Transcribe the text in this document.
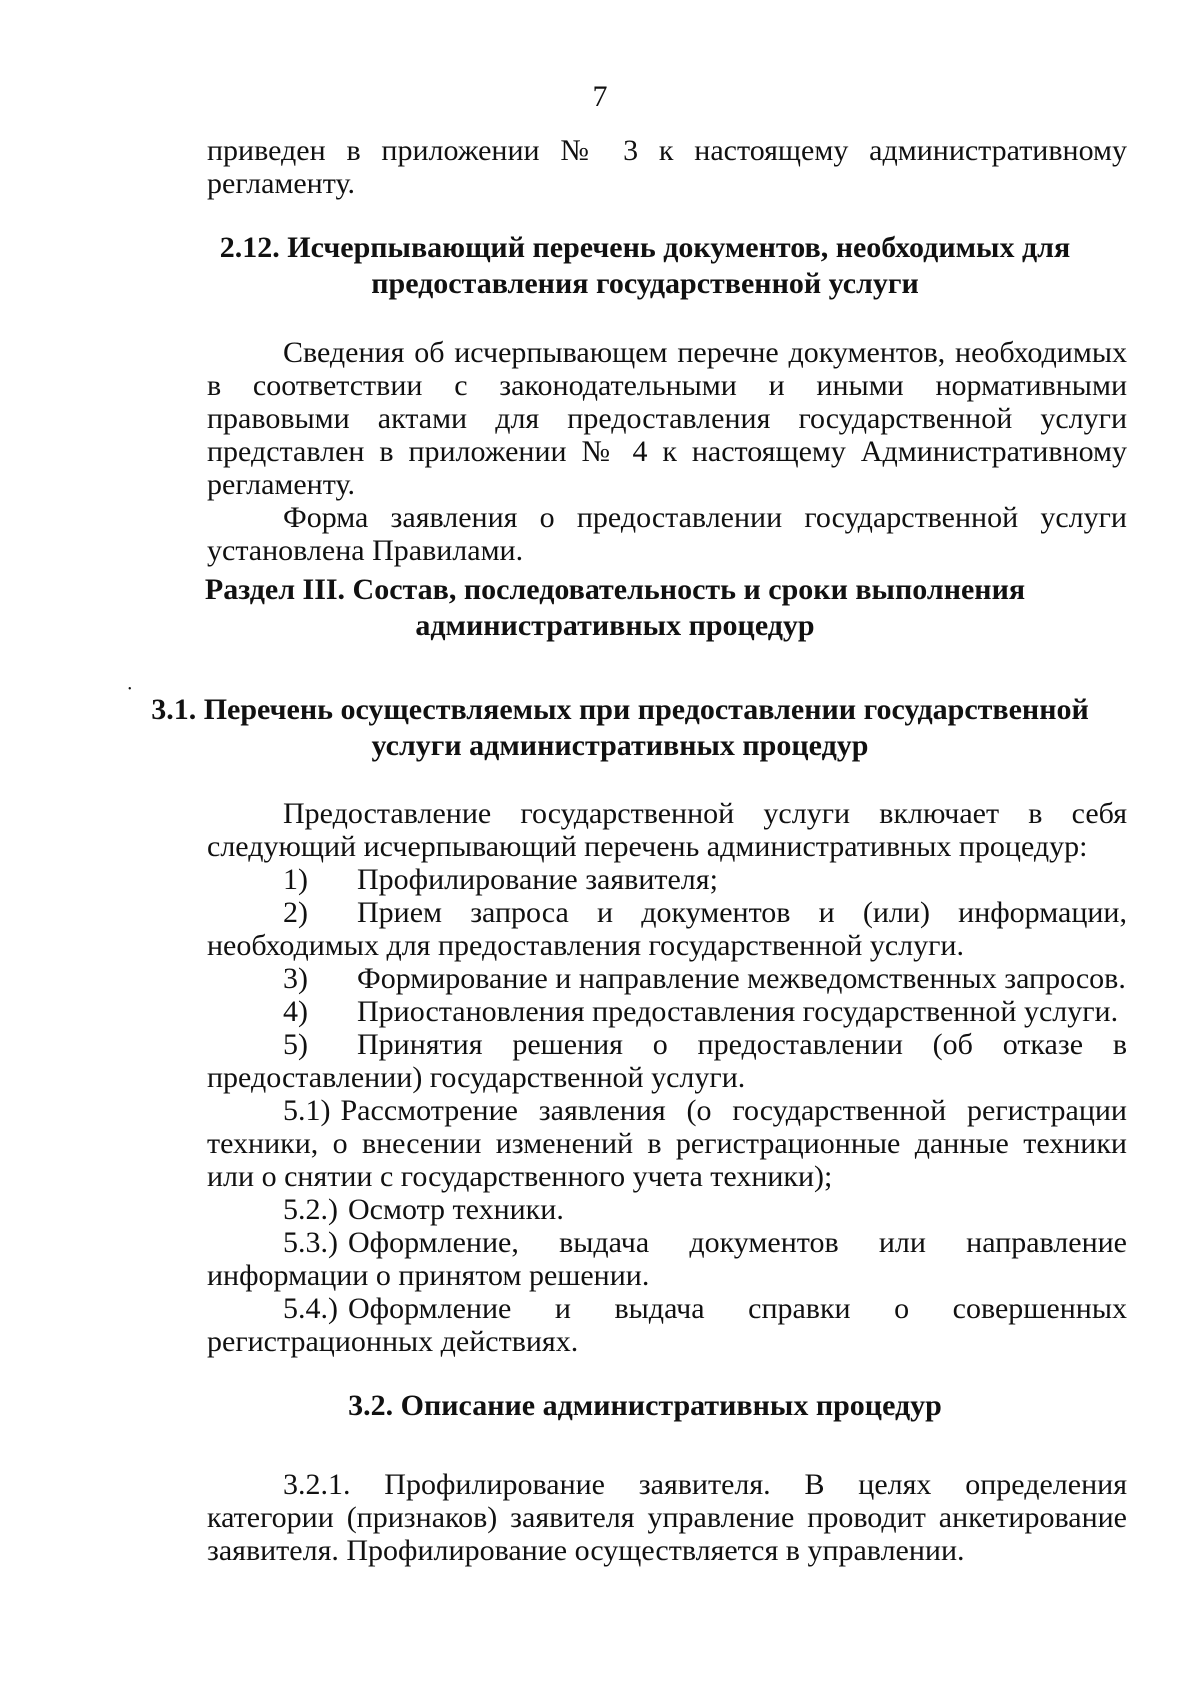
7

приведен в приложении № 3 к настоящему административному

регламенту.

2.12. Исчерпывающий перечень документов, необходимых для
предоставления государственной услуги

Сведения об исчерпывающем перечне документов, необходимых в соответствии с законодательными и иными нормативными правовыми актами для предоставления государственной услуги представлен в приложении № 4 к настоящему Административному регламенту.

Форма заявления о предоставлении государственной услуги установлена Правилами.

Раздел III. Состав, последовательность и сроки выполнения
административных процедур
•
3.1. Перечень осуществляемых при предоставлении государственной
услуги административных процедур

Предоставление государственной услуги включает в себя следующий исчерпывающий перечень административных процедур:

1) Профилирование заявителя;

2) Прием запроса и документов и (или) информации, необходимых для предоставления государственной услуги.

3) Формирование и направление межведомственных запросов.

4) Приостановления предоставления государственной услуги.

5) Принятия решения о предоставлении (об отказе в предоставлении) государственной услуги.

5.1) Рассмотрение заявления (о государственной регистрации техники, о внесении изменений в регистрационные данные техники или о снятии с государственного учета техники);

5.2.) Осмотр техники.

5.3.) Оформление, выдача документов или направление информации о принятом решении.

5.4.) Оформление и выдача справки о совершенных регистрационных действиях.

3.2. Описание административных процедур

3.2.1. Профилирование заявителя. В целях определения категории (признаков) заявителя управление проводит анкетирование заявителя. Профилирование осуществляется в управлении.
